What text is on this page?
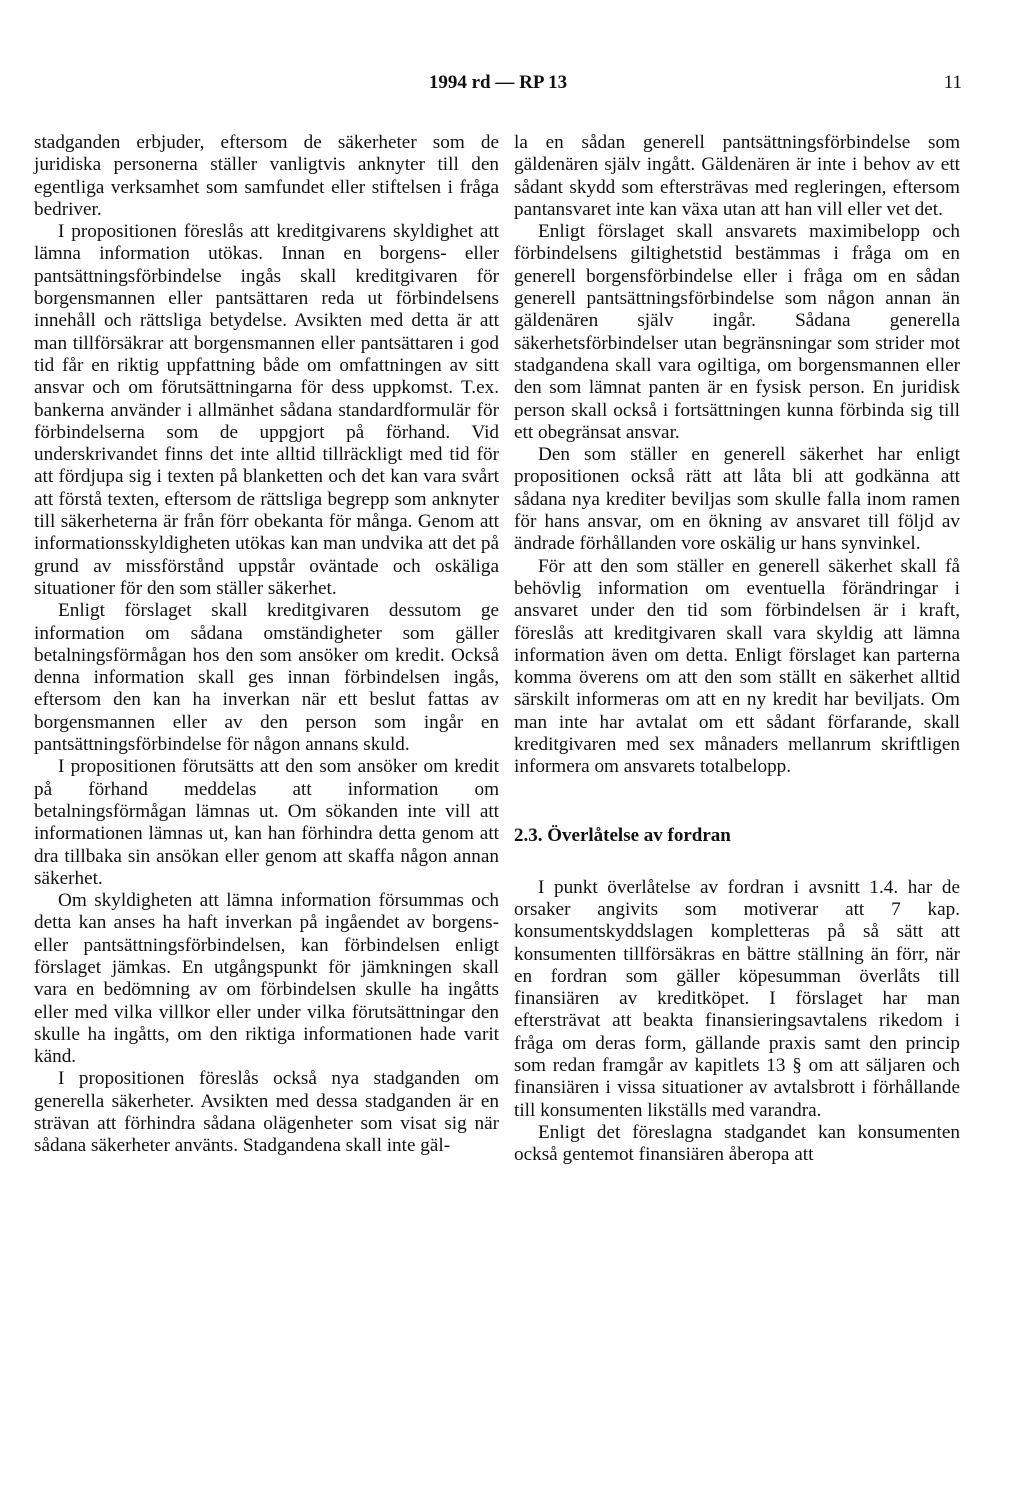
1994 rd — RP 13	11

stadganden erbjuder, eftersom de säkerheter som de juridiska personerna ställer vanligtvis anknyter till den egentliga verksamhet som samfundet eller stiftelsen i fråga bedriver.

I propositionen föreslås att kreditgivarens skyldighet att lämna information utökas. Innan en borgens- eller pantsättningsförbindelse ingås skall kreditgivaren för borgensmannen eller pantsättaren reda ut förbindelsens innehåll och rättsliga betydelse. Avsikten med detta är att man tillförsäkrar att borgensmannen eller pantsättaren i god tid får en riktig uppfattning både om omfattningen av sitt ansvar och om förutsättningarna för dess uppkomst. T.ex. bankerna använder i allmänhet sådana standardformulär för förbindelserna som de uppgjort på förhand. Vid underskrivandet finns det inte alltid tillräckligt med tid för att fördjupa sig i texten på blanketten och det kan vara svårt att förstå texten, eftersom de rättsliga begrepp som anknyter till säkerheterna är från förr obekanta för många. Genom att informationsskyldigheten utökas kan man undvika att det på grund av missförstånd uppstår oväntade och oskäliga situationer för den som ställer säkerhet.

Enligt förslaget skall kreditgivaren dessutom ge information om sådana omständigheter som gäller betalningsförmågan hos den som ansöker om kredit. Också denna information skall ges innan förbindelsen ingås, eftersom den kan ha inverkan när ett beslut fattas av borgensmannen eller av den person som ingår en pantsättningsförbindelse för någon annans skuld.

I propositionen förutsätts att den som ansöker om kredit på förhand meddelas att information om betalningsförmågan lämnas ut. Om sökanden inte vill att informationen lämnas ut, kan han förhindra detta genom att dra tillbaka sin ansökan eller genom att skaffa någon annan säkerhet.

Om skyldigheten att lämna information försummas och detta kan anses ha haft inverkan på ingåendet av borgens- eller pantsättningsförbindelsen, kan förbindelsen enligt förslaget jämkas. En utgångspunkt för jämkningen skall vara en bedömning av om förbindelsen skulle ha ingåtts eller med vilka villkor eller under vilka förutsättningar den skulle ha ingåtts, om den riktiga informationen hade varit känd.

I propositionen föreslås också nya stadganden om generella säkerheter. Avsikten med dessa stadganden är en strävan att förhindra sådana olägenheter som visat sig när sådana säkerheter använts. Stadgandena skall inte gäl-

la en sådan generell pantsättningsförbindelse som gäldenären själv ingått. Gäldenären är inte i behov av ett sådant skydd som eftersträvas med regleringen, eftersom pantansvaret inte kan växa utan att han vill eller vet det.

Enligt förslaget skall ansvarets maximibelopp och förbindelsens giltighetstid bestämmas i fråga om en generell borgensförbindelse eller i fråga om en sådan generell pantsättningsförbindelse som någon annan än gäldenären själv ingår. Sådana generella säkerhetsförbindelser utan begränsningar som strider mot stadgandena skall vara ogiltiga, om borgensmannen eller den som lämnat panten är en fysisk person. En juridisk person skall också i fortsättningen kunna förbinda sig till ett obegränsat ansvar.

Den som ställer en generell säkerhet har enligt propositionen också rätt att låta bli att godkänna att sådana nya krediter beviljas som skulle falla inom ramen för hans ansvar, om en ökning av ansvaret till följd av ändrade förhållanden vore oskälig ur hans synvinkel.

För att den som ställer en generell säkerhet skall få behövlig information om eventuella förändringar i ansvaret under den tid som förbindelsen är i kraft, föreslås att kreditgivaren skall vara skyldig att lämna information även om detta. Enligt förslaget kan parterna komma överens om att den som ställt en säkerhet alltid särskilt informeras om att en ny kredit har beviljats. Om man inte har avtalat om ett sådant förfarande, skall kreditgivaren med sex månaders mellanrum skriftligen informera om ansvarets totalbelopp.

2.3. Överlåtelse av fordran

I punkt överlåtelse av fordran i avsnitt 1.4. har de orsaker angivits som motiverar att 7 kap. konsumentskyddslagen kompletteras på så sätt att konsumenten tillförsäkras en bättre ställning än förr, när en fordran som gäller köpesumman överlåts till finansiären av kreditköpet. I förslaget har man eftersträvat att beakta finansieringsavtalens rikedom i fråga om deras form, gällande praxis samt den princip som redan framgår av kapitlets 13 § om att säljaren och finansiären i vissa situationer av avtalsbrott i förhållande till konsumenten likställs med varandra.

Enligt det föreslagna stadgandet kan konsumenten också gentemot finansiären åberopa att
